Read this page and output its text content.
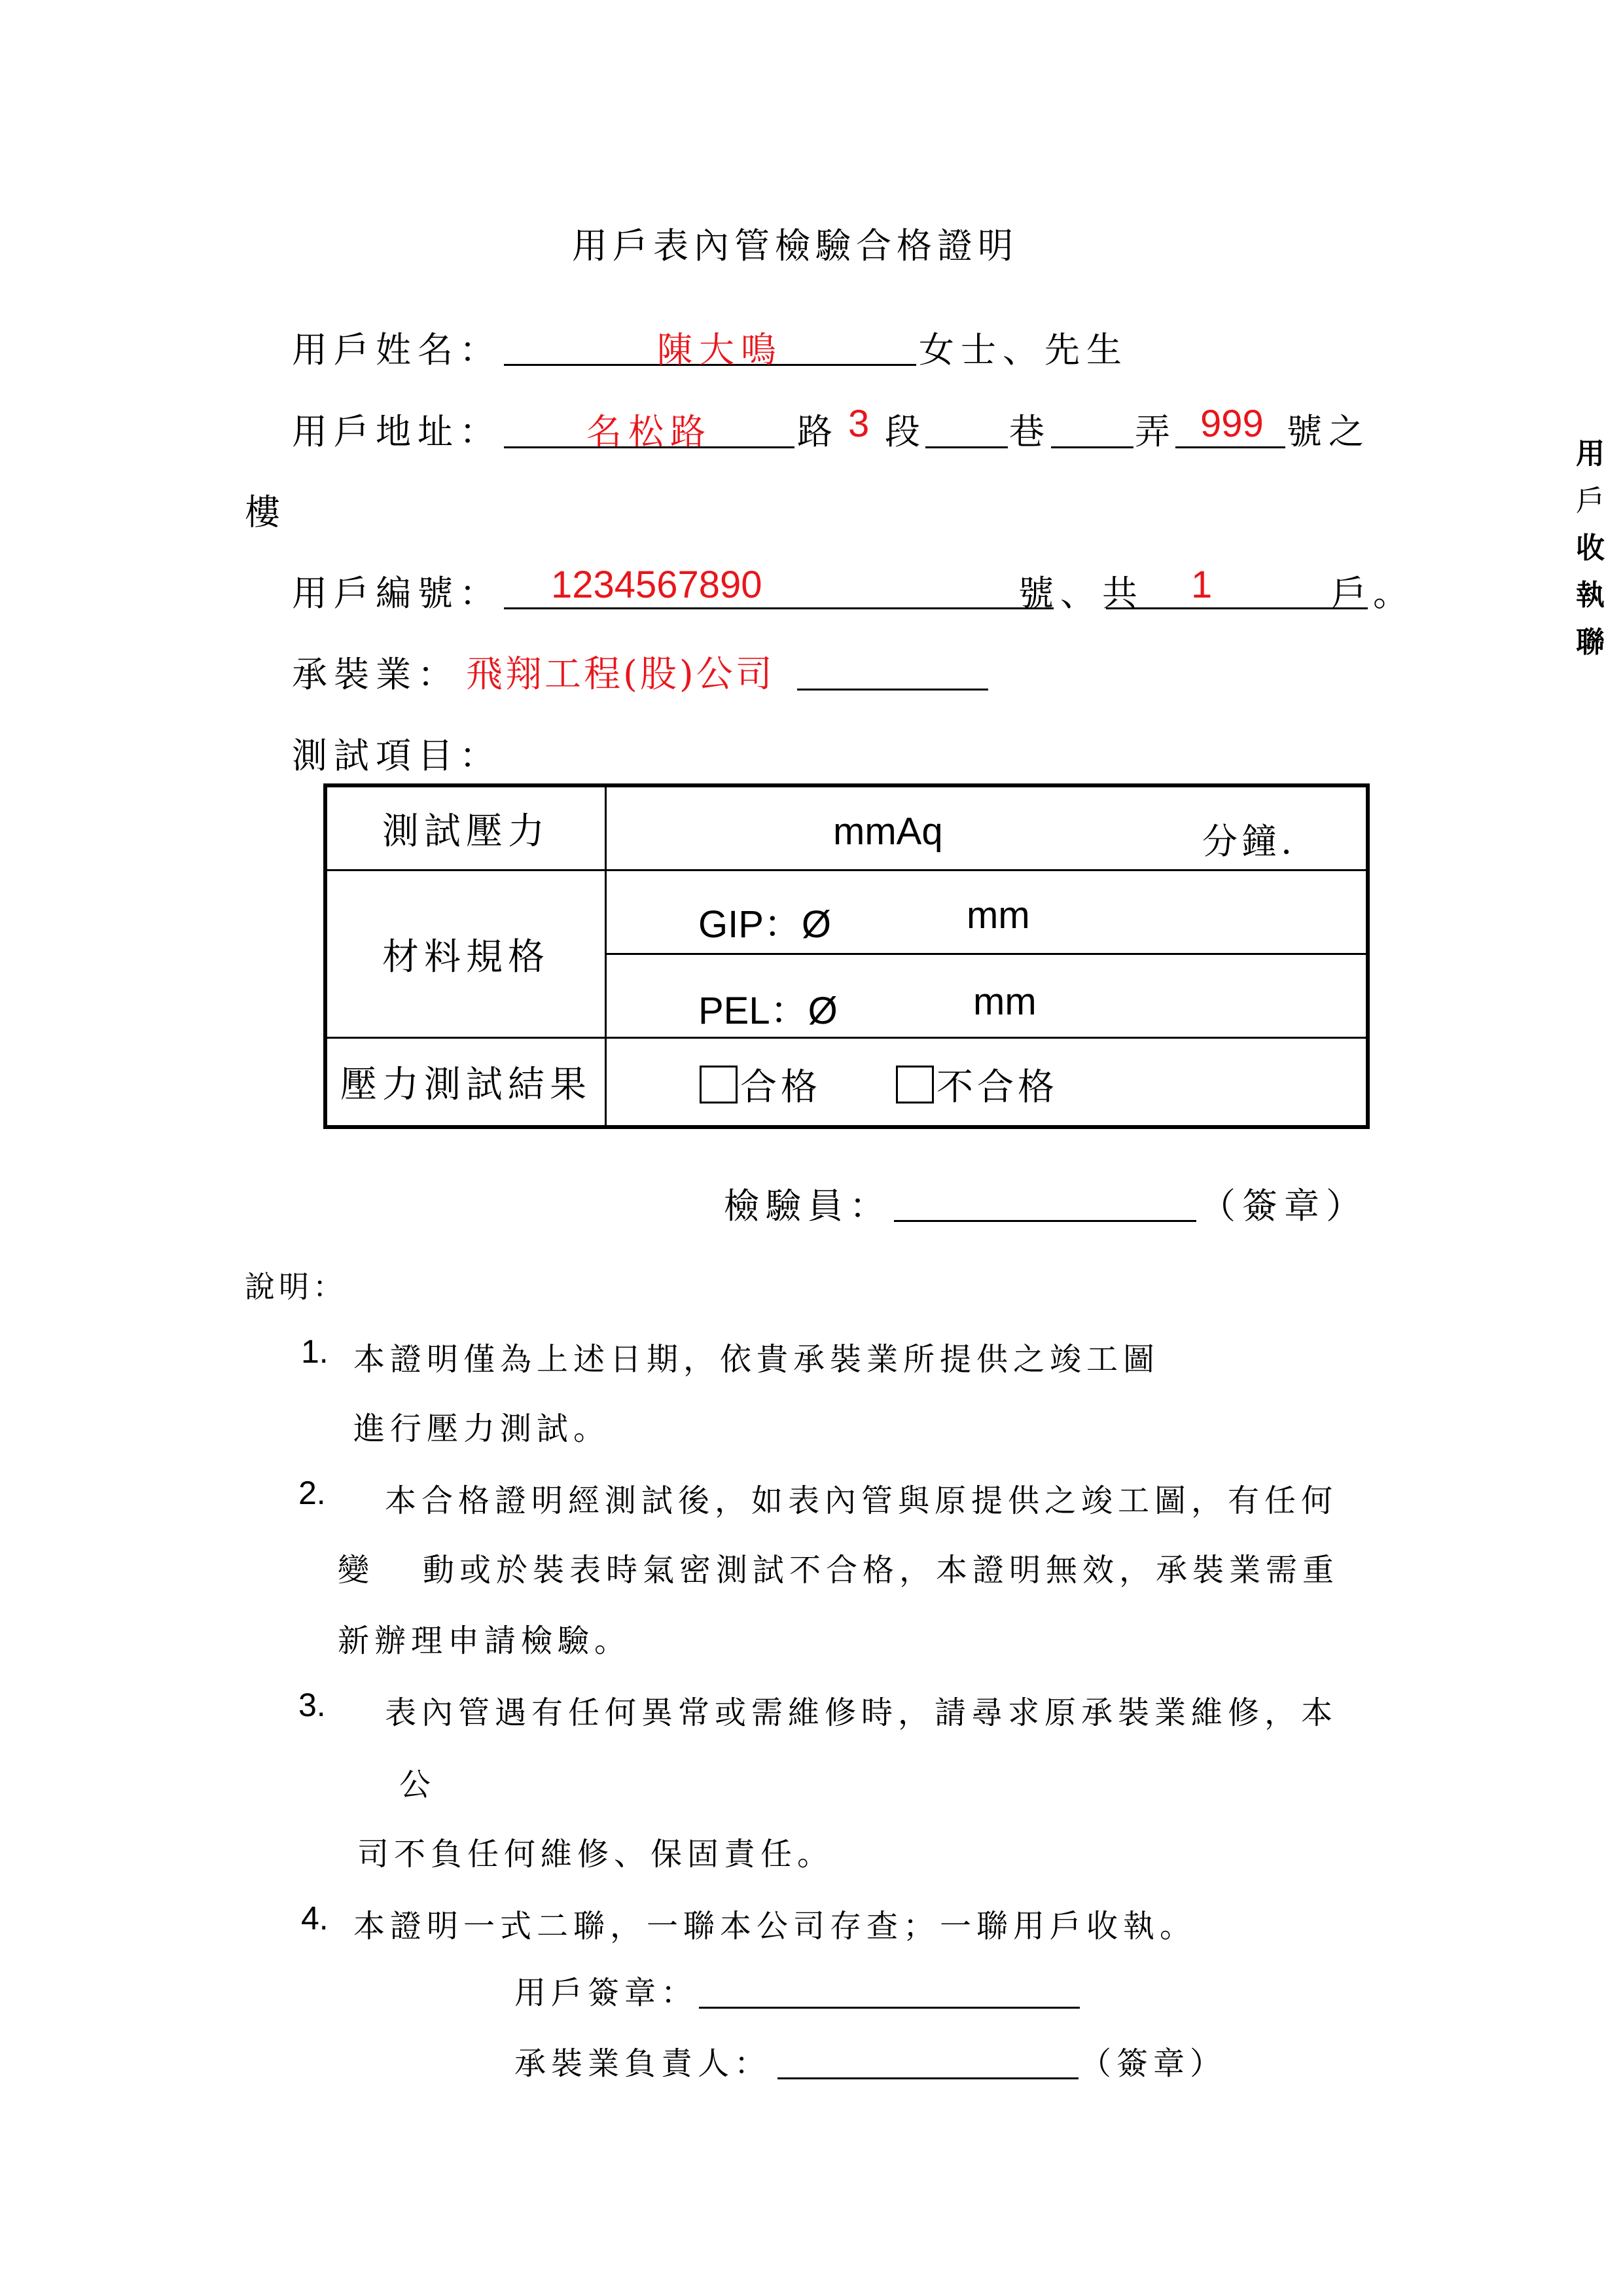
用戶表內管檢驗合格證明
用
戶
收
執
聯
用戶姓名：	陳大鳴	女士、先生
用戶地址： 名松路 路 3 段 巷 弄 999 號之
樓
用戶編號： 1234567890	號、共 1	戶。
承裝業： 飛翔工程(股)公司
測試項目：
測試壓力	mmAq 分鐘.

材料規格	GIP：Ø mm

	PEL：Ø mm

壓力測試結果	合格 不合格
檢驗員：	（簽章）
說明：
1. 本證明僅為上述日期，依貴承裝業所提供之竣工圖
進行壓力測試。
2. 本合格證明經測試後，如表內管與原提供之竣工圖，有任何
變 動或於裝表時氣密測試不合格，本證明無效，承裝業需重
新辦理申請檢驗。
3. 表內管遇有任何異常或需維修時，請尋求原承裝業維修，本
公
司不負任何維修、保固責任。
4. 本證明一式二聯，一聯本公司存查；一聯用戶收執。
用戶簽章：
承裝業負責人：	（簽章）
